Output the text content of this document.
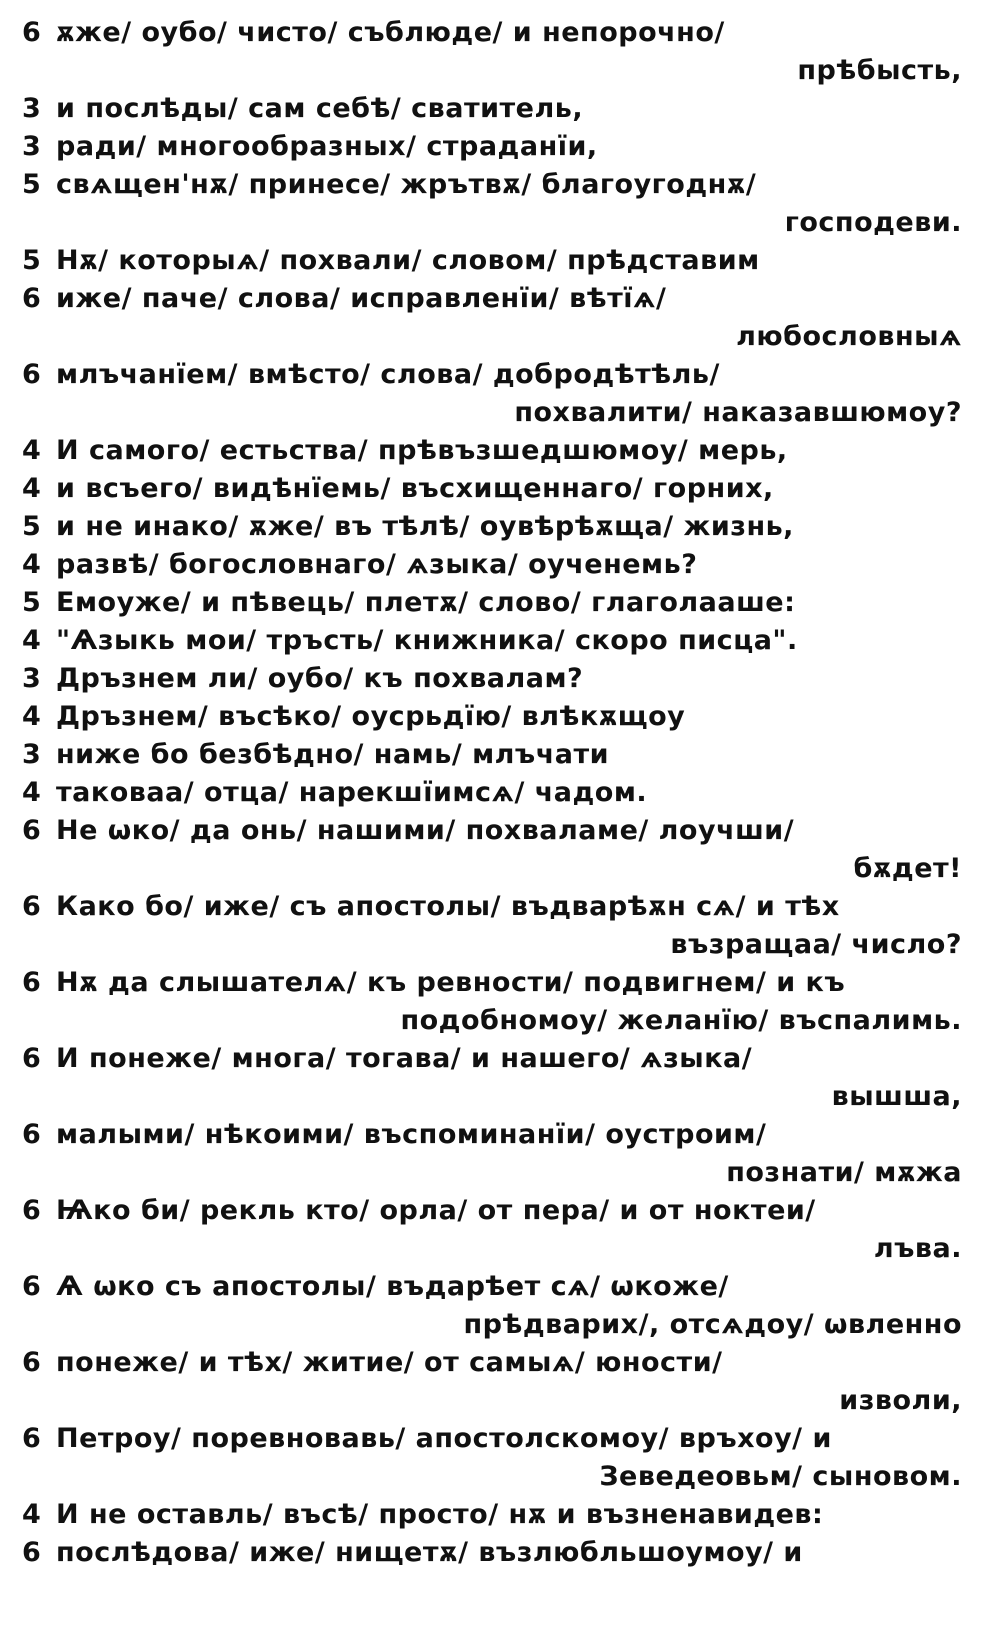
6 ѫже/ оубо/ чисто/ съблюде/ и непорочно/
прѣбысть,
3 и послѣды/ сам себѣ/ сватитель,
3 ради/ многообразных/ страданїи,
5 свѧщен'нѫ/ принесе/ жрътвѫ/ благоугоднѫ/
господеви.
5 Нѫ/ которыѧ/ похвали/ словом/ прѣдставим
6 иже/ паче/ слова/ исправленїи/ вѣтїѧ/
любословныѧ
6 млъчанїем/ вмѣсто/ слова/ добродѣтѣль/
похвалити/ наказавшюмоу?
4 И самого/ естьства/ прѣвъзшедшюмоу/ мерь,
4 и всъего/ видѣнїемь/ въсхищеннаго/ горних,
5 и не инако/ ѫже/ въ тѣлѣ/ оувѣрѣѫща/ жизнь,
4 развѣ/ богословнаго/ ѧзыка/ оученемь?
5 Емоуже/ и пѣвець/ плетѫ/ слово/ глаголааше:
4 "Ѧзыкь мои/ тръсть/ книжника/ скоро писца".
3 Дръзнем ли/ оубо/ къ похвалам?
4 Дръзнем/ въсѣко/ оусрьдїю/ влѣкѫщоу
3 ниже бо безбѣдно/ намь/ млъчати
4 таковаа/ отца/ нарекшїимсѧ/ чадом.
6 Не ѡко/ да онь/ нашими/ похваламе/ лоучши/
бѫдет!
6 Како бо/ иже/ съ апостолы/ въдварѣѫн сѧ/ и тѣх
възращаа/ число?
6 Нѫ да слышателѧ/ къ ревности/ подвигнем/ и къ
подобномоу/ желанїю/ въспалимь.
6 И понеже/ многа/ тогава/ и нашего/ ѧзыка/
вышша,
6 малыми/ нѣкоими/ въспоминанїи/ оустроим/
познати/ мѫжа
6 Ѩко би/ рекль кто/ орла/ от пера/ и от ноктеи/
лъва.
6 Ѧ ѡко съ апостолы/ въдарѣет сѧ/ ѡкоже/
прѣдварих/, отсѧдоу/ ѡвленно
6 понеже/ и тѣх/ житие/ от самыѧ/ юности/
изволи,
6 Петроу/ поревновавь/ апостолскомоу/ връхоу/ и
Зеведеовьм/ сыновом.
4 И не оставль/ въсѣ/ просто/ нѫ и възненавидев:
6 послѣдова/ иже/ нищетѫ/ възлюбльшоумоу/ и
